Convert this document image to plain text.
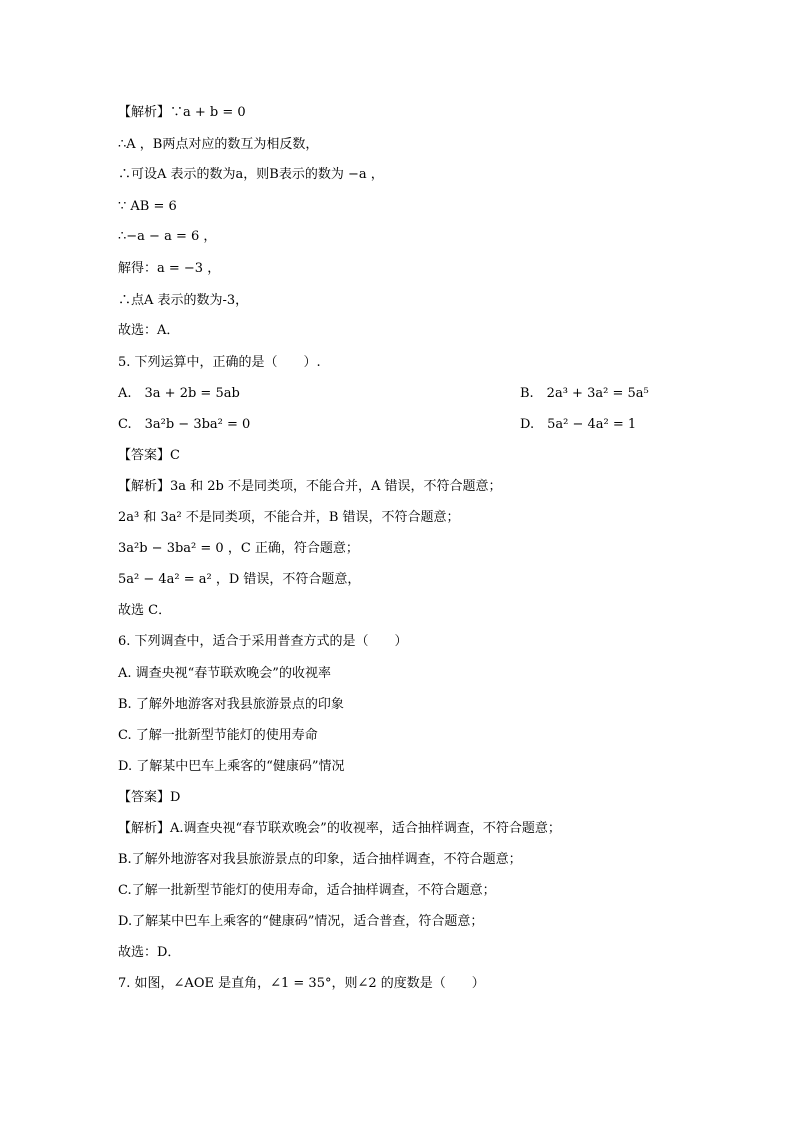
【解析】∵a + b = 0
∴A ，B两点对应的数互为相反数，
∴可设A 表示的数为a，则B表示的数为 −a ，
∵ AB = 6
∴−a − a = 6 ，
解得：a = −3 ，
∴点A 表示的数为-3，
故选：A．
5. 下列运算中，正确的是（　　）.
A.　3a + 2b = 5ab	B.　2a³ + 3a² = 5a⁵
C.　3a²b − 3ba² = 0	D.　5a² − 4a² = 1
【答案】C
【解析】3a 和 2b 不是同类项，不能合并，A 错误，不符合题意；
2a³ 和 3a² 不是同类项，不能合并，B 错误，不符合题意；
3a²b − 3ba² = 0 ，C 正确，符合题意；
5a² − 4a² = a² ，D 错误，不符合题意，
故选 C．
6. 下列调查中，适合于采用普查方式的是（　　）
A. 调查央视“春节联欢晚会”的收视率
B. 了解外地游客对我县旅游景点的印象
C. 了解一批新型节能灯的使用寿命
D. 了解某中巴车上乘客的“健康码”情况
【答案】D
【解析】A.调查央视“春节联欢晚会”的收视率，适合抽样调查，不符合题意；
B.了解外地游客对我县旅游景点的印象，适合抽样调查，不符合题意；
C.了解一批新型节能灯的使用寿命，适合抽样调查，不符合题意；
D.了解某中巴车上乘客的“健康码”情况，适合普查，符合题意；
故选：D．
7. 如图，∠AOE 是直角，∠1 = 35°，则∠2 的度数是（　　）
